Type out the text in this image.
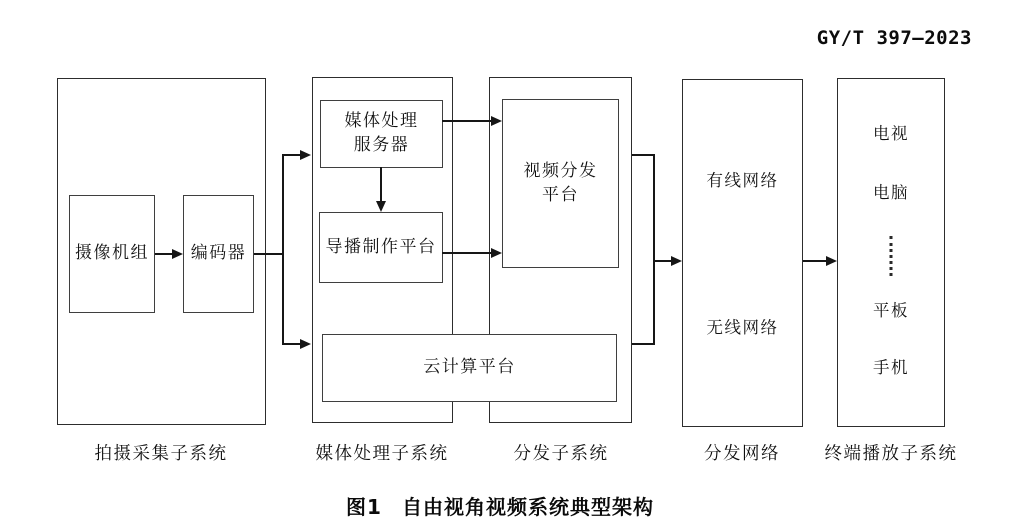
GY/T 397—2023
有线网络
无线网络
电视
电脑
平板
手机
摄像机组 编码器
媒体处理
服务器
导播制作平台
云计算平台
视频分发
平台
拍摄采集子系统	媒体处理子系统	分发子系统	分发网络	终端播放子系统
图1 自由视角视频系统典型架构
